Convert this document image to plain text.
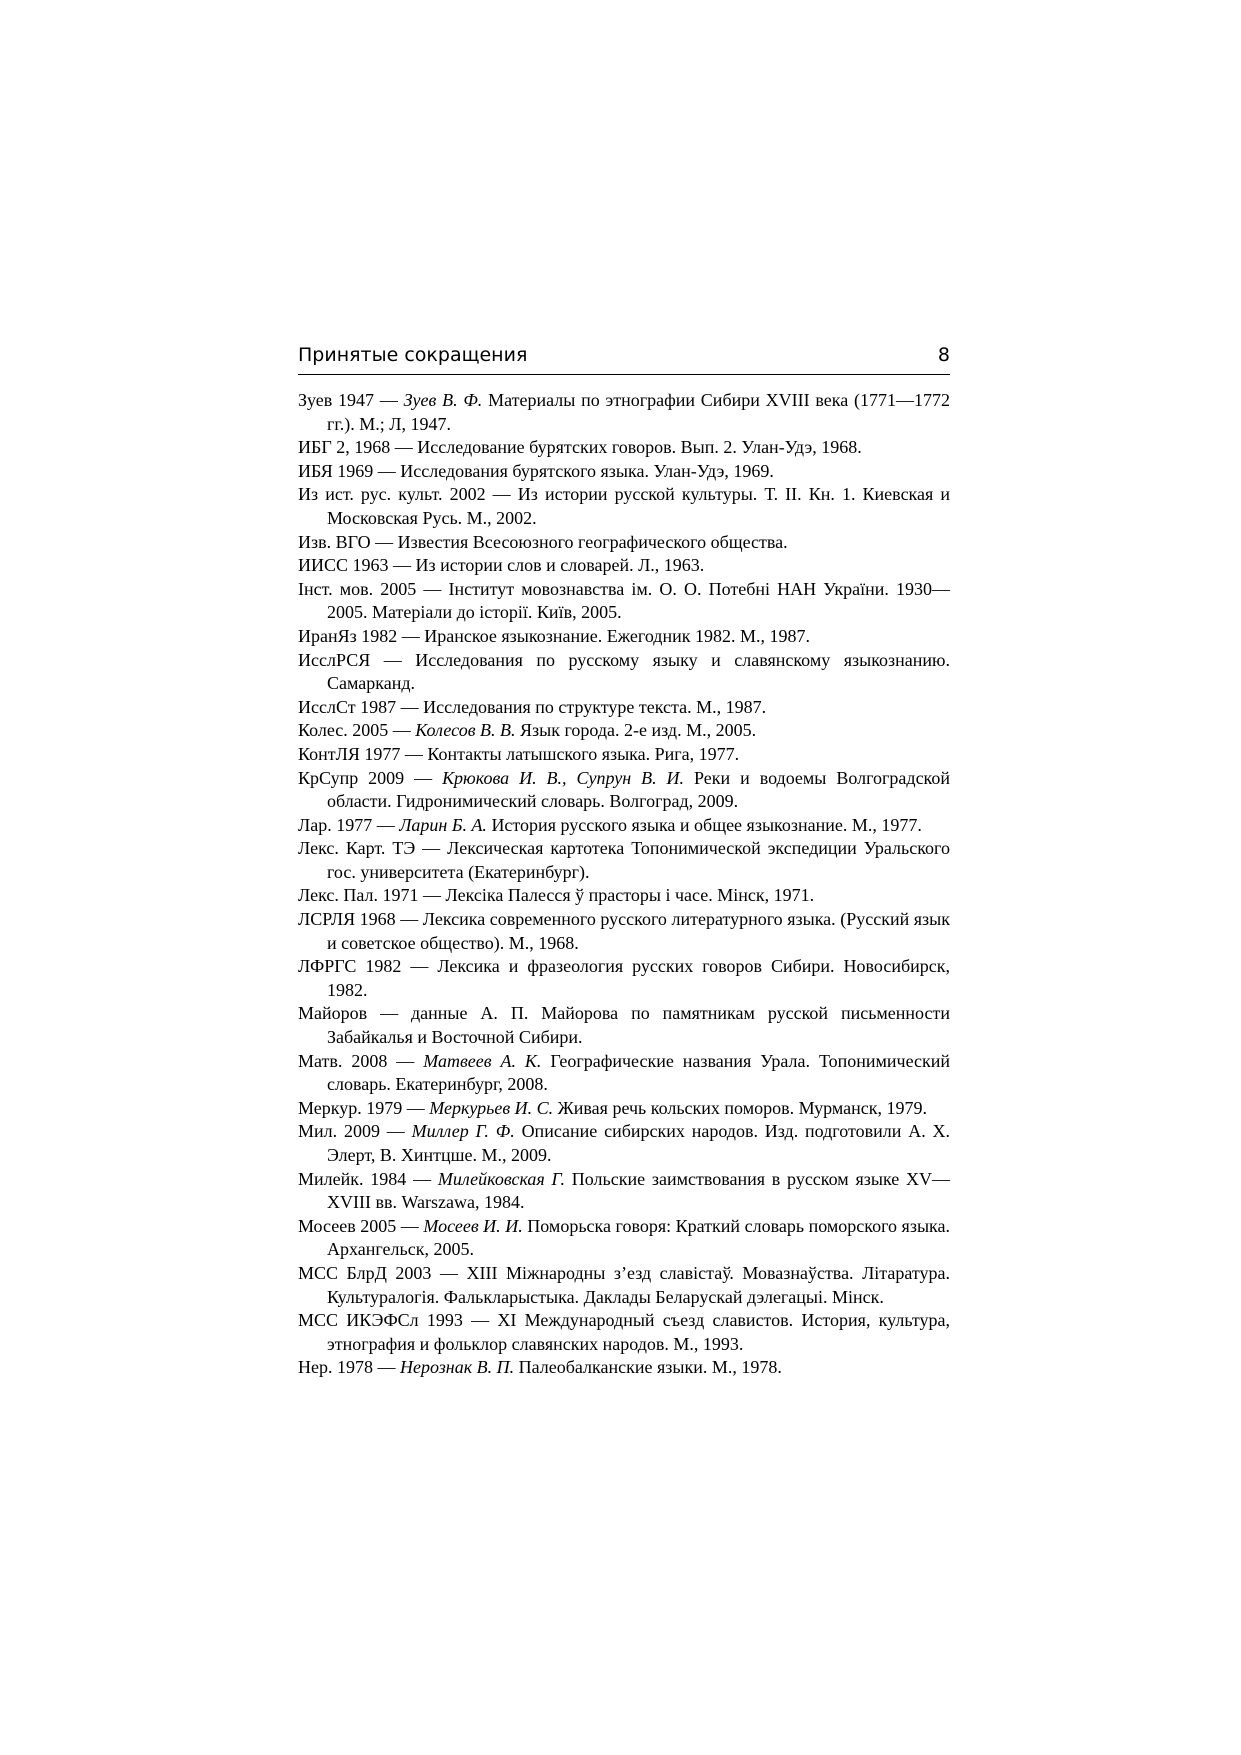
Принятые сокращения	8
Зуев 1947 — Зуев В. Ф. Материалы по этнографии Сибири XVIII века (1771—1772 гг.). М.; Л, 1947.
ИБГ 2, 1968 — Исследование бурятских говоров. Вып. 2. Улан-Удэ, 1968.
ИБЯ 1969 — Исследования бурятского языка. Улан-Удэ, 1969.
Из ист. рус. культ. 2002 — Из истории русской культуры. Т. II. Кн. 1. Киевская и Московская Русь. М., 2002.
Изв. ВГО — Известия Всесоюзного географического общества.
ИИСС 1963 — Из истории слов и словарей. Л., 1963.
Інст. мов. 2005 — Інститут мовознавства ім. О. О. Потебні НАН України. 1930—2005. Матеріали до історії. Київ, 2005.
ИранЯз 1982 — Иранское языкознание. Ежегодник 1982. М., 1987.
ИсслРСЯ — Исследования по русскому языку и славянскому языкознанию. Самарканд.
ИсслСт 1987 — Исследования по структуре текста. М., 1987.
Колес. 2005 — Колесов В. В. Язык города. 2-е изд. М., 2005.
КонтЛЯ 1977 — Контакты латышского языка. Рига, 1977.
КрСупр 2009 — Крюкова И. В., Супрун В. И. Реки и водоемы Волгоградской области. Гидронимический словарь. Волгоград, 2009.
Лар. 1977 — Ларин Б. А. История русского языка и общее языкознание. М., 1977.
Лекс. Карт. ТЭ — Лексическая картотека Топонимической экспедиции Уральского гос. университета (Екатеринбург).
Лекс. Пал. 1971 — Лексіка Палесся ў прасторы і часе. Мінск, 1971.
ЛСРЛЯ 1968 — Лексика современного русского литературного языка. (Русский язык и советское общество). М., 1968.
ЛФРГС 1982 — Лексика и фразеология русских говоров Сибири. Новосибирск, 1982.
Майоров — данные А. П. Майорова по памятникам русской письменности Забайкалья и Восточной Сибири.
Матв. 2008 — Матвеев А. К. Географические названия Урала. Топонимический словарь. Екатеринбург, 2008.
Меркур. 1979 — Меркурьев И. С. Живая речь кольских поморов. Мурманск, 1979.
Мил. 2009 — Миллер Г. Ф. Описание сибирских народов. Изд. подготовили А. Х. Элерт, В. Хинтцше. М., 2009.
Милейк. 1984 — Милейковская Г. Польские заимствования в русском языке XV—XVIII вв. Warszawa, 1984.
Мосеев 2005 — Мосеев И. И. Поморьска говоря: Краткий словарь поморского языка. Архангельск, 2005.
МСС БлрД 2003 — XIII Міжнародны з’езд славістаў. Мовазнаўства. Літаратура. Культуралогія. Фалькларыстыка. Даклады Беларускай дэлегацыі. Мінск.
МСС ИКЭФСл 1993 — XI Международный съезд славистов. История, культура, этнография и фольклор славянских народов. М., 1993.
Нер. 1978 — Нерознак В. П. Палеобалканские языки. М., 1978.
